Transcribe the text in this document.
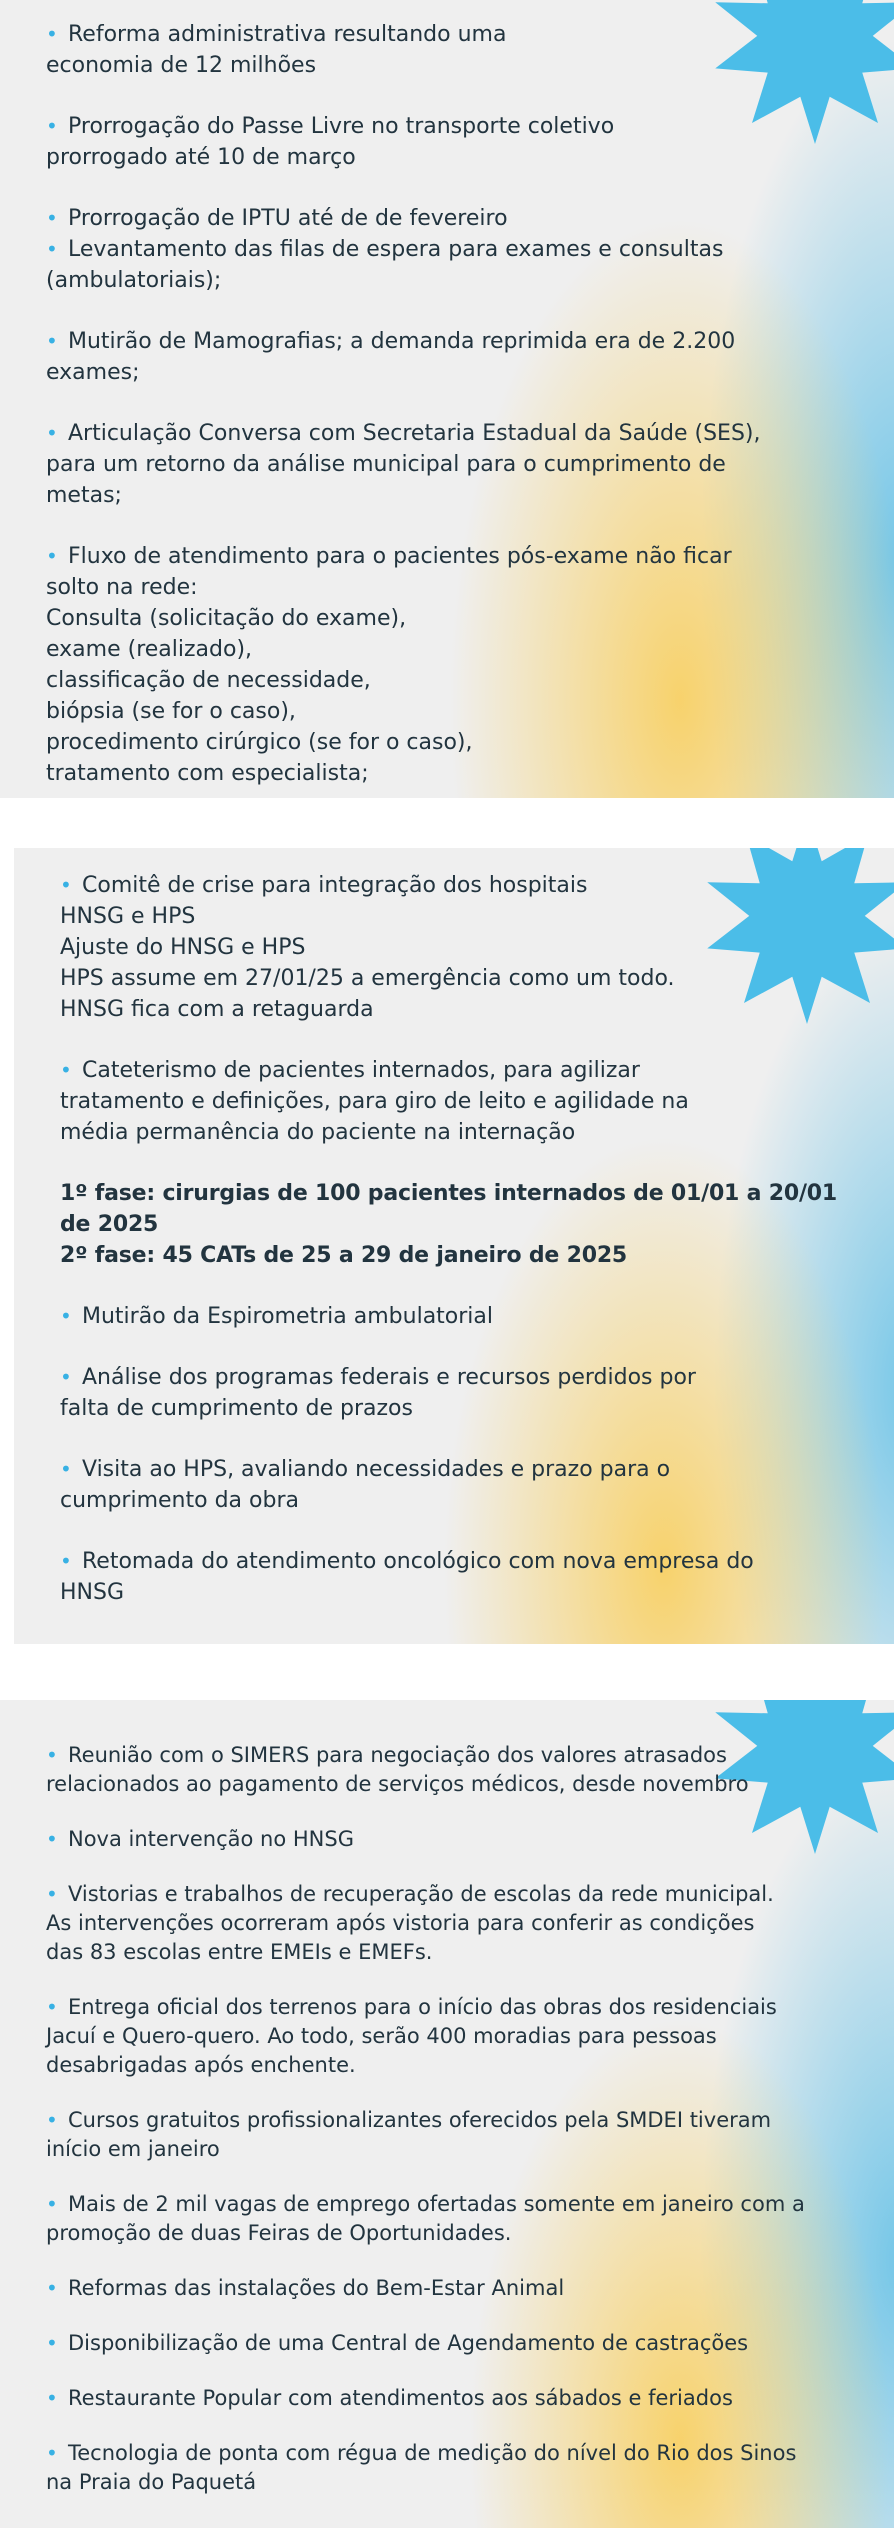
• Reforma administrativa resultando uma
economia de 12 milhões
• Prorrogação do Passe Livre no transporte coletivo
prorrogado até 10 de março
• Prorrogação de IPTU até de de fevereiro
• Levantamento das filas de espera para exames e consultas
(ambulatoriais);
• Mutirão de Mamografias; a demanda reprimida era de 2.200
exames;
• Articulação Conversa com Secretaria Estadual da Saúde (SES),
para um retorno da análise municipal para o cumprimento de
metas;
• Fluxo de atendimento para o pacientes pós-exame não ficar
solto na rede:
Consulta (solicitação do exame),
exame (realizado),
classificação de necessidade,
biópsia (se for o caso),
procedimento cirúrgico (se for o caso),
tratamento com especialista;
• Comitê de crise para integração dos hospitais
HNSG e HPS
Ajuste do HNSG e HPS
HPS assume em 27/01/25 a emergência como um todo.
HNSG fica com a retaguarda
• Cateterismo de pacientes internados, para agilizar
tratamento e definições, para giro de leito e agilidade na
média permanência do paciente na internação
1º fase: cirurgias de 100 pacientes internados de 01/01 a 20/01
de 2025
2º fase: 45 CATs de 25 a 29 de janeiro de 2025
• Mutirão da Espirometria ambulatorial
• Análise dos programas federais e recursos perdidos por
falta de cumprimento de prazos
• Visita ao HPS, avaliando necessidades e prazo para o
cumprimento da obra
• Retomada do atendimento oncológico com nova empresa do
HNSG
• Reunião com o SIMERS para negociação dos valores atrasados
relacionados ao pagamento de serviços médicos, desde novembro
• Nova intervenção no HNSG
• Vistorias e trabalhos de recuperação de escolas da rede municipal.
As intervenções ocorreram após vistoria para conferir as condições
das 83 escolas entre EMEIs e EMEFs.
• Entrega oficial dos terrenos para o início das obras dos residenciais
Jacuí e Quero-quero. Ao todo, serão 400 moradias para pessoas
desabrigadas após enchente.
• Cursos gratuitos profissionalizantes oferecidos pela SMDEI tiveram
início em janeiro
• Mais de 2 mil vagas de emprego ofertadas somente em janeiro com a
promoção de duas Feiras de Oportunidades.
• Reformas das instalações do Bem-Estar Animal
• Disponibilização de uma Central de Agendamento de castrações
• Restaurante Popular com atendimentos aos sábados e feriados
• Tecnologia de ponta com régua de medição do nível do Rio dos Sinos
na Praia do Paquetá
